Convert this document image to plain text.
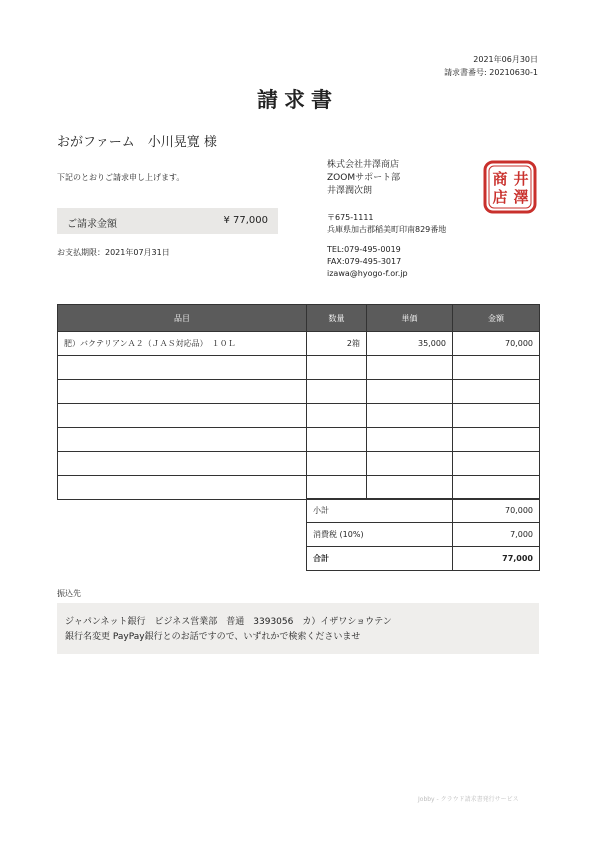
2021年06月30日
請求書番号: 20210630-1
請求書
おがファーム　小川晃寛 様
下記のとおりご請求申し上げます。
ご請求金額	¥ 77,000
お支払期限：2021年07月31日
株式会社井澤商店
ZOOMサポート部
井澤潤次朗
〒675-1111
兵庫県加古郡稲美町印南829番地
TEL:079-495-0019
FAX:079-495-3017
izawa@hyogo-f.or.jp
井
澤
商
店
品目	数量	単価	金額
肥）バクテリアンＡ２（ＪＡＳ対応品）　１０Ｌ	2箱	35,000	70,000

小計	70,000
消費税 (10%)	7,000
合計	77,000
振込先
ジャパンネット銀行　ビジネス営業部　普通　3393056　カ）イザワショウテン
銀行名変更 PayPay銀行とのお話ですので、いずれかで検索くださいませ
Jobby - クラウド請求書発行サービス
